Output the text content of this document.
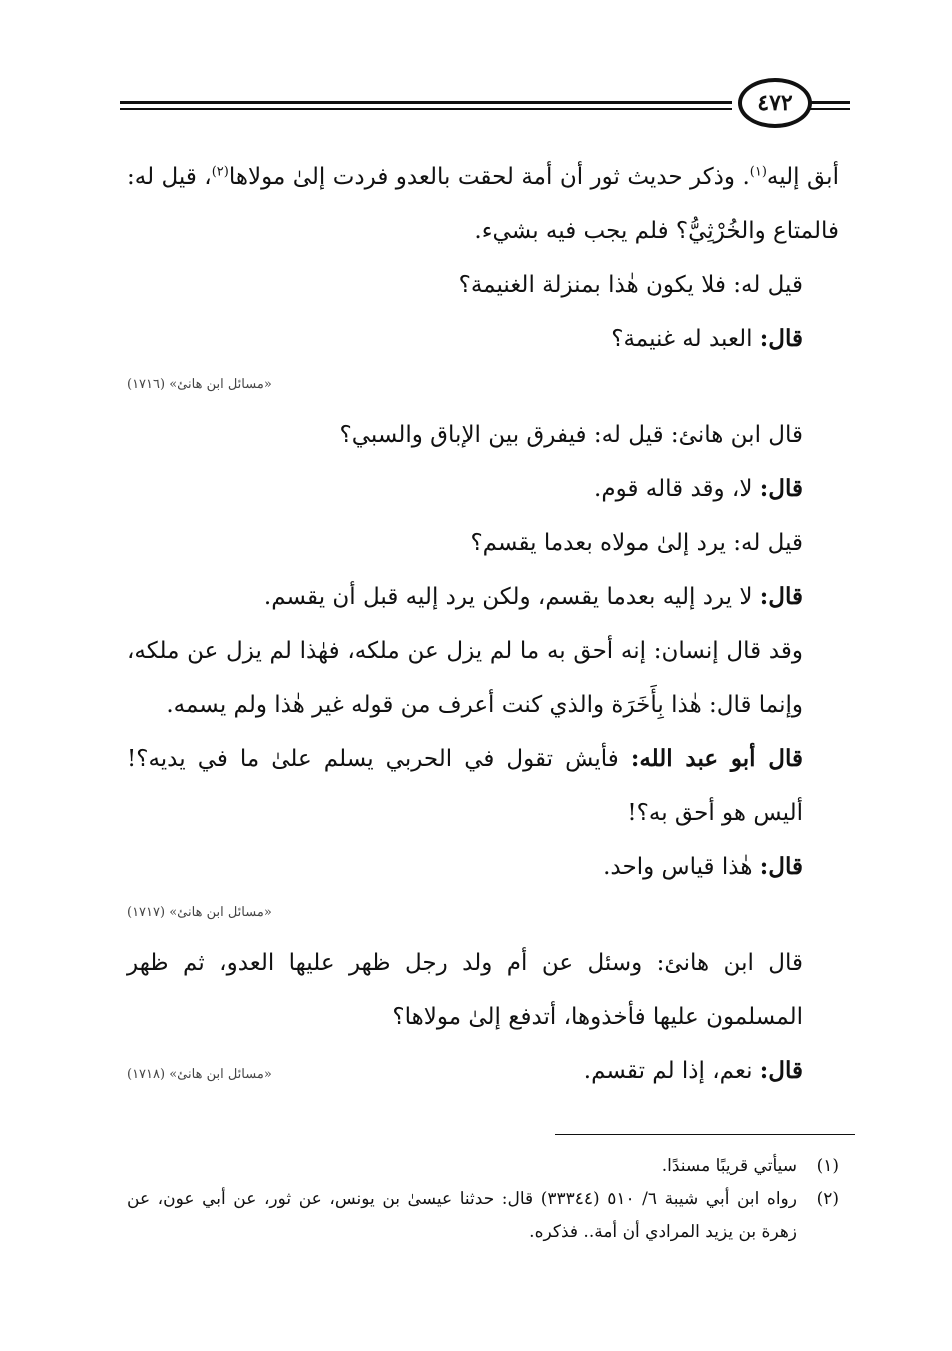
٤٧٢

أبق إليه$^{(١)}$. وذكر حديث ثور أن أمة لحقت بالعدو فردت إلىٰ مولاها$^{(٢)}$، قيل له: فالمتاع والخُرْثِيُّ؟ فلم يجب فيه بشيء.

قيل له: فلا يكون هٰذا بمنزلة الغنيمة؟

قال: العبد له غنيمة؟

«مسائل ابن هانئ» (١٧١٦)

قال ابن هانئ: قيل له: فيفرق بين الإباق والسبي؟

قال: لا، وقد قاله قوم.

قيل له: يرد إلىٰ مولاه بعدما يقسم؟

قال: لا يرد إليه بعدما يقسم، ولكن يرد إليه قبل أن يقسم.

وقد قال إنسان: إنه أحق به ما لم يزل عن ملكه، فهٰذا لم يزل عن ملكه، وإنما قال: هٰذا بِأَخَرَة والذي كنت أعرف من قوله غير هٰذا ولم يسمه.

قال أبو عبد الله: فأيش تقول في الحربي يسلم علىٰ ما في يديه؟! أليس هو أحق به؟!

قال: هٰذا قياس واحد.

«مسائل ابن هانئ» (١٧١٧)

قال ابن هانئ: وسئل عن أم ولد رجل ظهر عليها العدو، ثم ظهر المسلمون عليها فأخذوها، أتدفع إلىٰ مولاها؟

قال: نعم، إذا لم تقسم.

«مسائل ابن هانئ» (١٧١٨)
(١)
سيأتي قريبًا مسندًا.
(٢)
رواه ابن أبي شيبة ٦/ ٥١٠ (٣٣٣٤٤) قال: حدثنا عيسىٰ بن يونس، عن ثور، عن أبي عون، عن زهرة بن يزيد المرادي أن أمة.. فذكره.
